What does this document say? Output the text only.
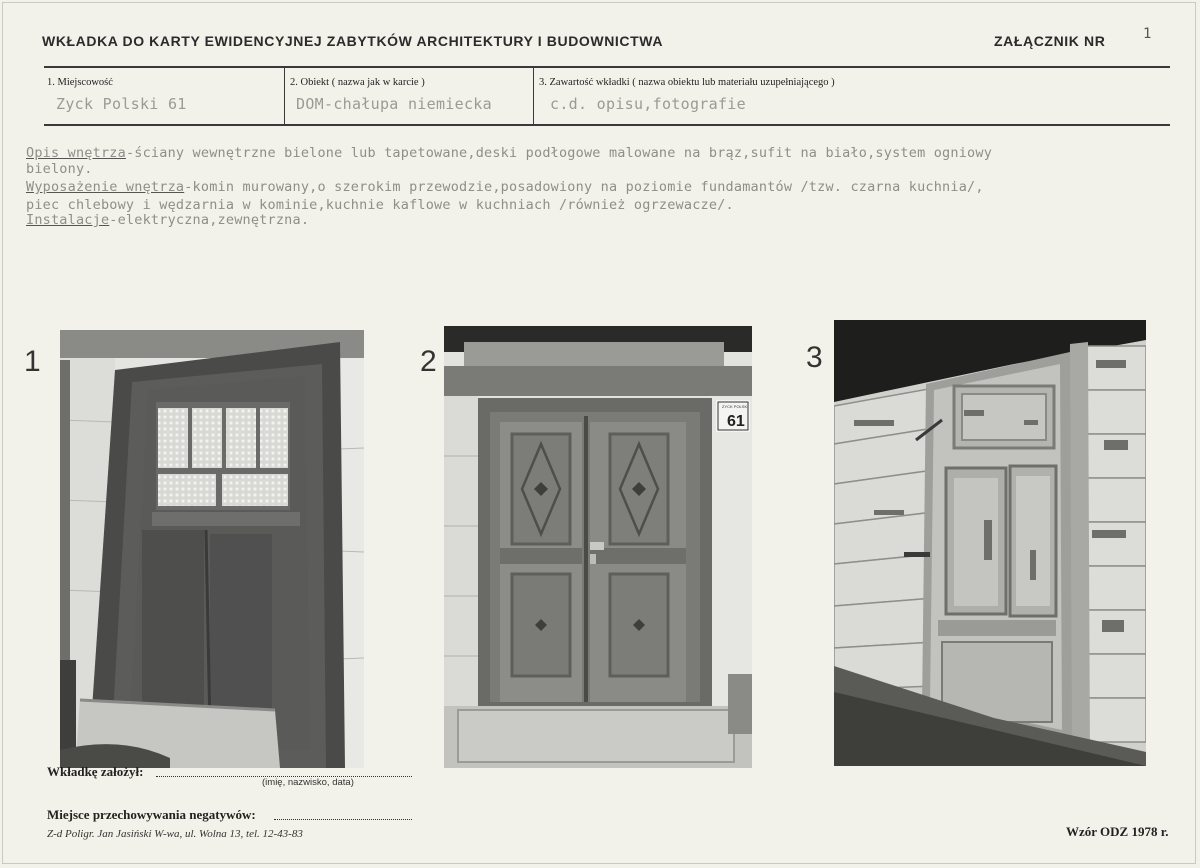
WKŁADKA DO KARTY EWIDENCYJNEJ ZABYTKÓW ARCHITEKTURY I BUDOWNICTWA	ZAŁĄCZNIK NR	1
1. Miejscowość
Zyck Polski 61
2. Obiekt ( nazwa jak w karcie )
DOM-chałupa niemiecka
3. Zawartość wkładki ( nazwa obiektu lub materiału uzupełniającego )
c.d. opisu,fotografie
Opis wnętrza-ściany wewnętrzne bielone lub tapetowane,deski podłogowe malowane na brąz,sufit na biało,system ogniowy
bielony.
Wyposażenie wnętrza-komin murowany,o szerokim przewodzie,posadowiony na poziomie fundamantów /tzw. czarna kuchnia/,
piec chlebowy i wędzarnia w kominie,kuchnie kaflowe w kuchniach /również ogrzewacze/.
Instalacje-elektryczna,zewnętrzna.
1	2	3
ZYCK POLSKI
61
Wkładkę założył:
(imię, nazwisko, data)
Miejsce przechowywania negatywów:
Z-d Poligr. Jan Jasiński W-wa, ul. Wolna 13, tel. 12-43-83	Wzór ODZ 1978 r.
